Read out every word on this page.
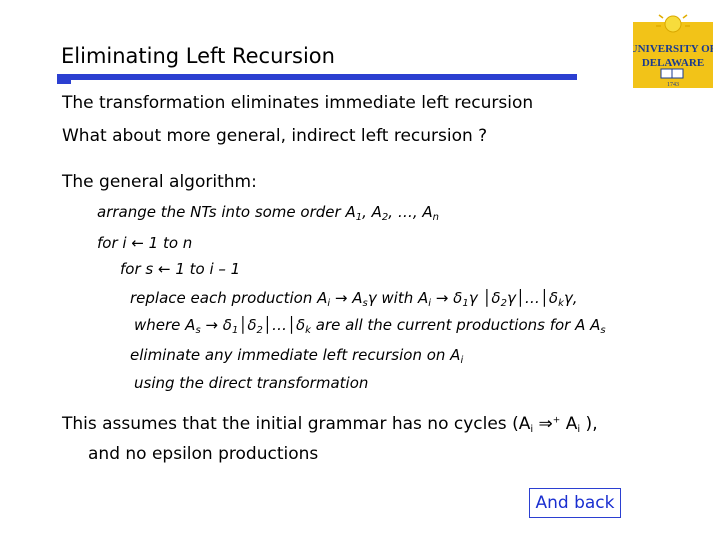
Eliminating Left Recursion	UNIVERSITY OF
DELAWARE
1743
The transformation eliminates immediate left recursion
What about more general, indirect left recursion ?
The general algorithm:
arrange the NTs into some order $A_1$, $A_2$, …, $A_n$
for i ← 1 to n
for s ← 1 to i – 1
replace each production $A_i \to A_s\gamma$ with $A_i \to \delta_1\gamma$ $│\delta_2\gamma│\dots│\delta_k\gamma$,
where $A_s$ → $\delta_1│\delta_2│\dots│\delta_k$ are all the current productions for A $A_s$
eliminate any immediate left recursion on $A_i$
using the direct transformation
This assumes that the initial grammar has no cycles ($A_i$ ⇒+ $A_i$ ),
and no epsilon productions
And back
